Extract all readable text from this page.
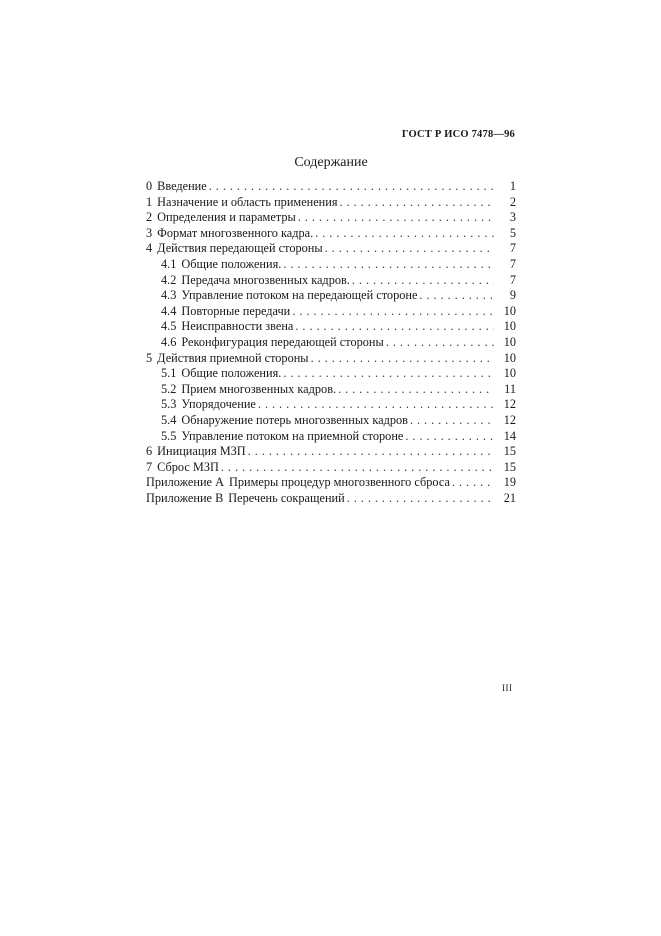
ГОСТ Р ИСО 7478—96
Содержание
0 Введение . . .	1
1 Назначение и область применения . . .	2
2 Определения и параметры . . .	3
3 Формат многозвенного кадра. . . .	5
4 Действия передающей стороны . . .	7
4.1 Общие положения. . . .	7
4.2 Передача многозвенных кадров. . . .	7
4.3 Управление потоком на передающей стороне . . .	9
4.4 Повторные передачи . . .	10
4.5 Неисправности звена . . .	10
4.6 Реконфигурация передающей стороны . . .	10
5 Действия приемной стороны . . .	10
5.1 Общие положения. . . .	10
5.2 Прием многозвенных кадров. . . .	11
5.3 Упорядочение . . .	12
5.4 Обнаружение потерь многозвенных кадров . . .	12
5.5 Управление потоком на приемной стороне . . .	14
6 Инициация МЗП . . .	15
7 Сброс МЗП . . .	15
Приложение А Примеры процедур многозвенного сброса . . .	19
Приложение В Перечень сокращений . . .	21
III
